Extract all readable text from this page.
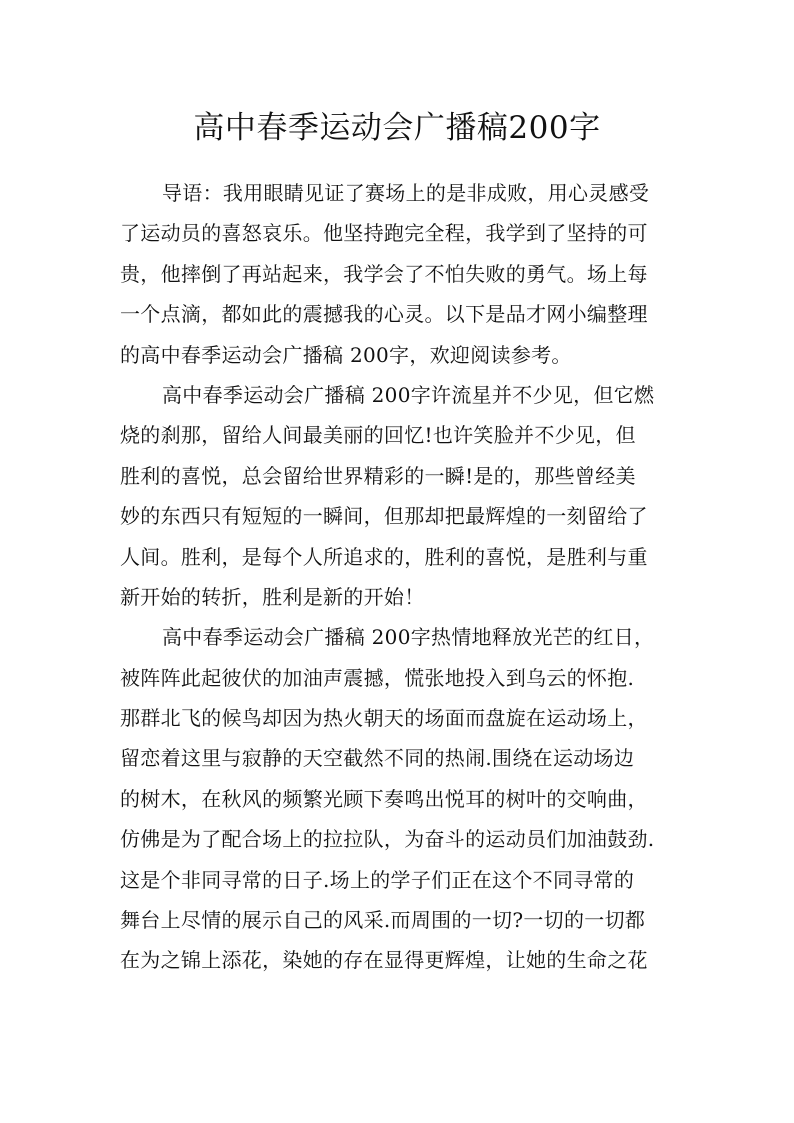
高中春季运动会广播稿200字
导语：我用眼睛见证了赛场上的是非成败，用心灵感受
了运动员的喜怒哀乐。他坚持跑完全程，我学到了坚持的可
贵，他摔倒了再站起来，我学会了不怕失败的勇气。场上每
一个点滴，都如此的震撼我的心灵。以下是品才网小编整理
的高中春季运动会广播稿 200字，欢迎阅读参考。
高中春季运动会广播稿 200字许流星并不少见，但它燃
烧的刹那，留给人间最美丽的回忆!也许笑脸并不少见，但
胜利的喜悦，总会留给世界精彩的一瞬!是的，那些曾经美
妙的东西只有短短的一瞬间，但那却把最辉煌的一刻留给了
人间。胜利，是每个人所追求的，胜利的喜悦，是胜利与重
新开始的转折，胜利是新的开始！
高中春季运动会广播稿 200字热情地释放光芒的红日，
被阵阵此起彼伏的加油声震撼，慌张地投入到乌云的怀抱.
那群北飞的候鸟却因为热火朝天的场面而盘旋在运动场上，
留恋着这里与寂静的天空截然不同的热闹.围绕在运动场边
的树木，在秋风的频繁光顾下奏鸣出悦耳的树叶的交响曲，
仿佛是为了配合场上的拉拉队，为奋斗的运动员们加油鼓劲.
这是个非同寻常的日子.场上的学子们正在这个不同寻常的
舞台上尽情的展示自己的风采.而周围的一切?一切的一切都
在为之锦上添花，染她的存在显得更辉煌，让她的生命之花
